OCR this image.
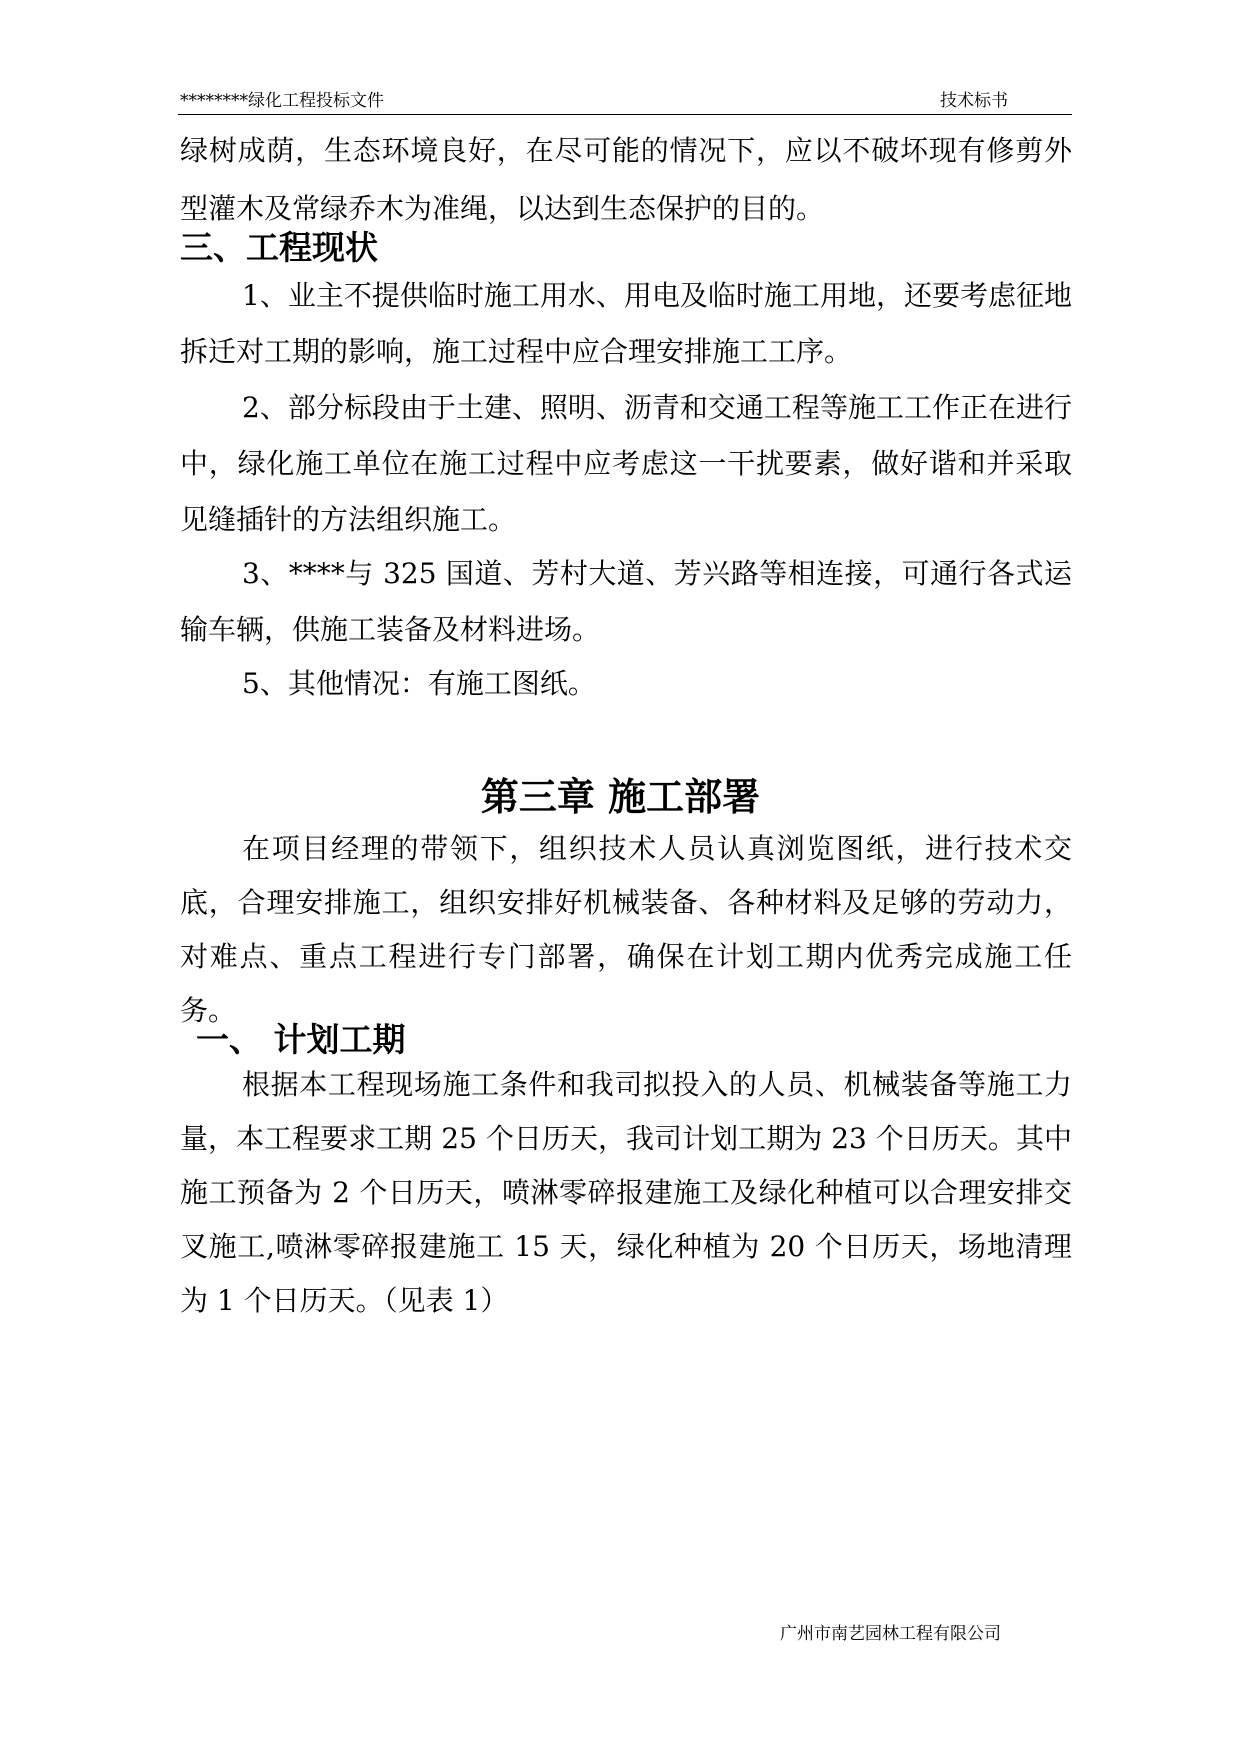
********绿化工程投标文件	技术标书

绿树成荫，生态环境良好，在尽可能的情况下，应以不破坏现有修剪外型灌木及常绿乔木为准绳，以达到生态保护的目的。

三、工程现状

1、业主不提供临时施工用水、用电及临时施工用地，还要考虑征地拆迁对工期的影响，施工过程中应合理安排施工工序。

2、部分标段由于土建、照明、沥青和交通工程等施工工作正在进行中，绿化施工单位在施工过程中应考虑这一干扰要素，做好谐和并采取见缝插针的方法组织施工。

3、****与 325 国道、芳村大道、芳兴路等相连接，可通行各式运输车辆，供施工装备及材料进场。

5、其他情况：有施工图纸。

第三章 施工部署

在项目经理的带领下，组织技术人员认真浏览图纸，进行技术交底，合理安排施工，组织安排好机械装备、各种材料及足够的劳动力，对难点、重点工程进行专门部署，确保在计划工期内优秀完成施工任务。

一、 计划工期

根据本工程现场施工条件和我司拟投入的人员、机械装备等施工力量，本工程要求工期 25 个日历天，我司计划工期为 23 个日历天。其中施工预备为 2 个日历天，喷淋零碎报建施工及绿化种植可以合理安排交叉施工,喷淋零碎报建施工 15 天，绿化种植为 20 个日历天，场地清理为 1 个日历天。（见表 1）

广州市南艺园林工程有限公司
